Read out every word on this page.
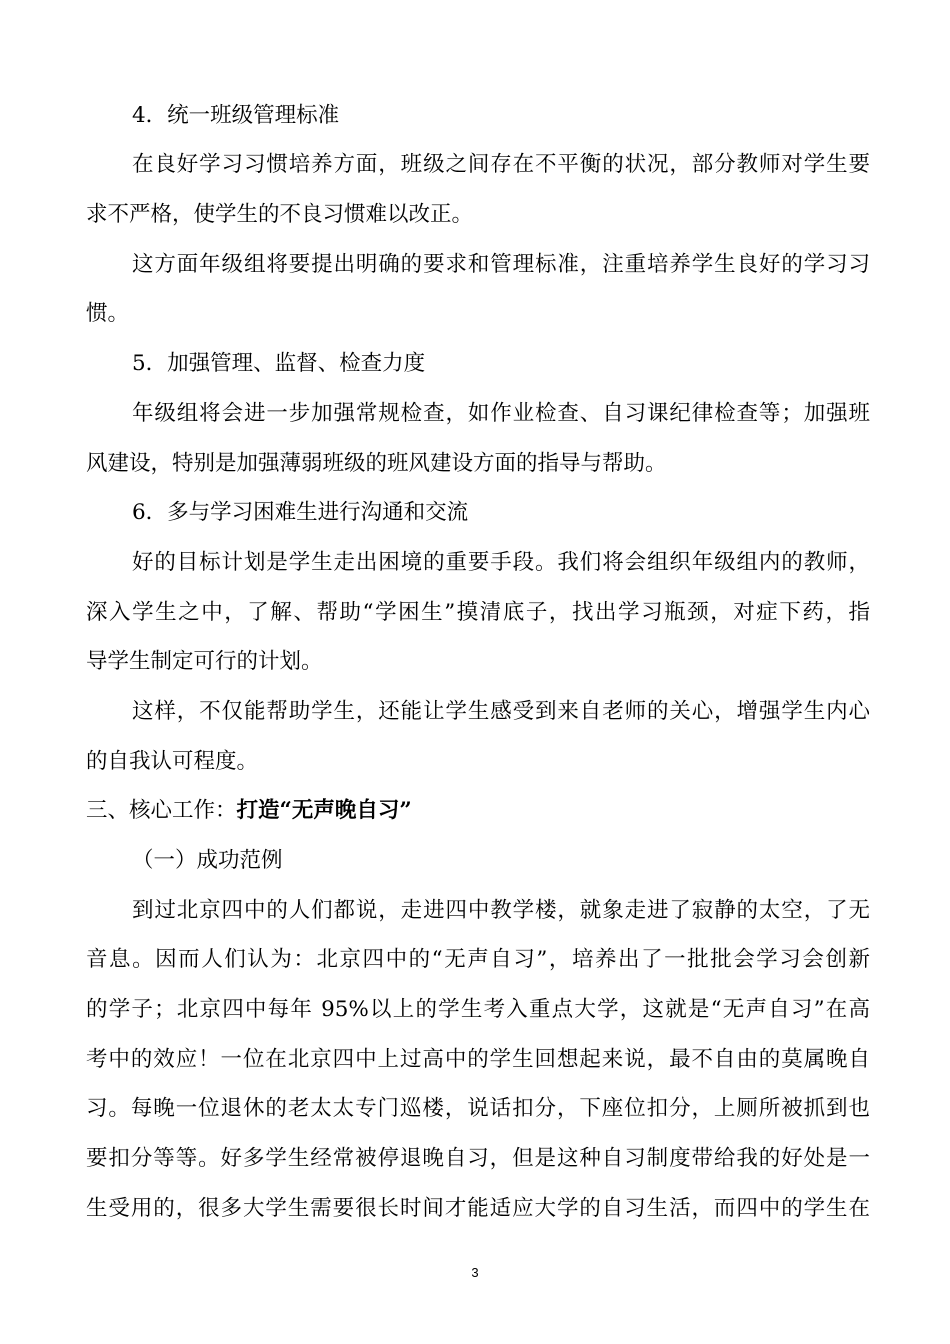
4．统一班级管理标准
在良好学习习惯培养方面，班级之间存在不平衡的状况，部分教师对学生要
求不严格，使学生的不良习惯难以改正。
这方面年级组将要提出明确的要求和管理标准，注重培养学生良好的学习习
惯。
5．加强管理、监督、检查力度
年级组将会进一步加强常规检查，如作业检查、自习课纪律检查等；加强班
风建设，特别是加强薄弱班级的班风建设方面的指导与帮助。
6．多与学习困难生进行沟通和交流
好的目标计划是学生走出困境的重要手段。我们将会组织年级组内的教师，
深入学生之中，了解、帮助“学困生”摸清底子，找出学习瓶颈，对症下药，指
导学生制定可行的计划。
这样，不仅能帮助学生，还能让学生感受到来自老师的关心，增强学生内心
的自我认可程度。
三、核心工作：打造“无声晚自习”
（一）成功范例
到过北京四中的人们都说，走进四中教学楼，就象走进了寂静的太空，了无
音息。因而人们认为：北京四中的“无声自习”，培养出了一批批会学习会创新
的学子；北京四中每年 95%以上的学生考入重点大学，这就是“无声自习”在高
考中的效应！一位在北京四中上过高中的学生回想起来说，最不自由的莫属晚自
习。每晚一位退休的老太太专门巡楼，说话扣分，下座位扣分，上厕所被抓到也
要扣分等等。好多学生经常被停退晚自习，但是这种自习制度带给我的好处是一
生受用的，很多大学生需要很长时间才能适应大学的自习生活，而四中的学生在
3
